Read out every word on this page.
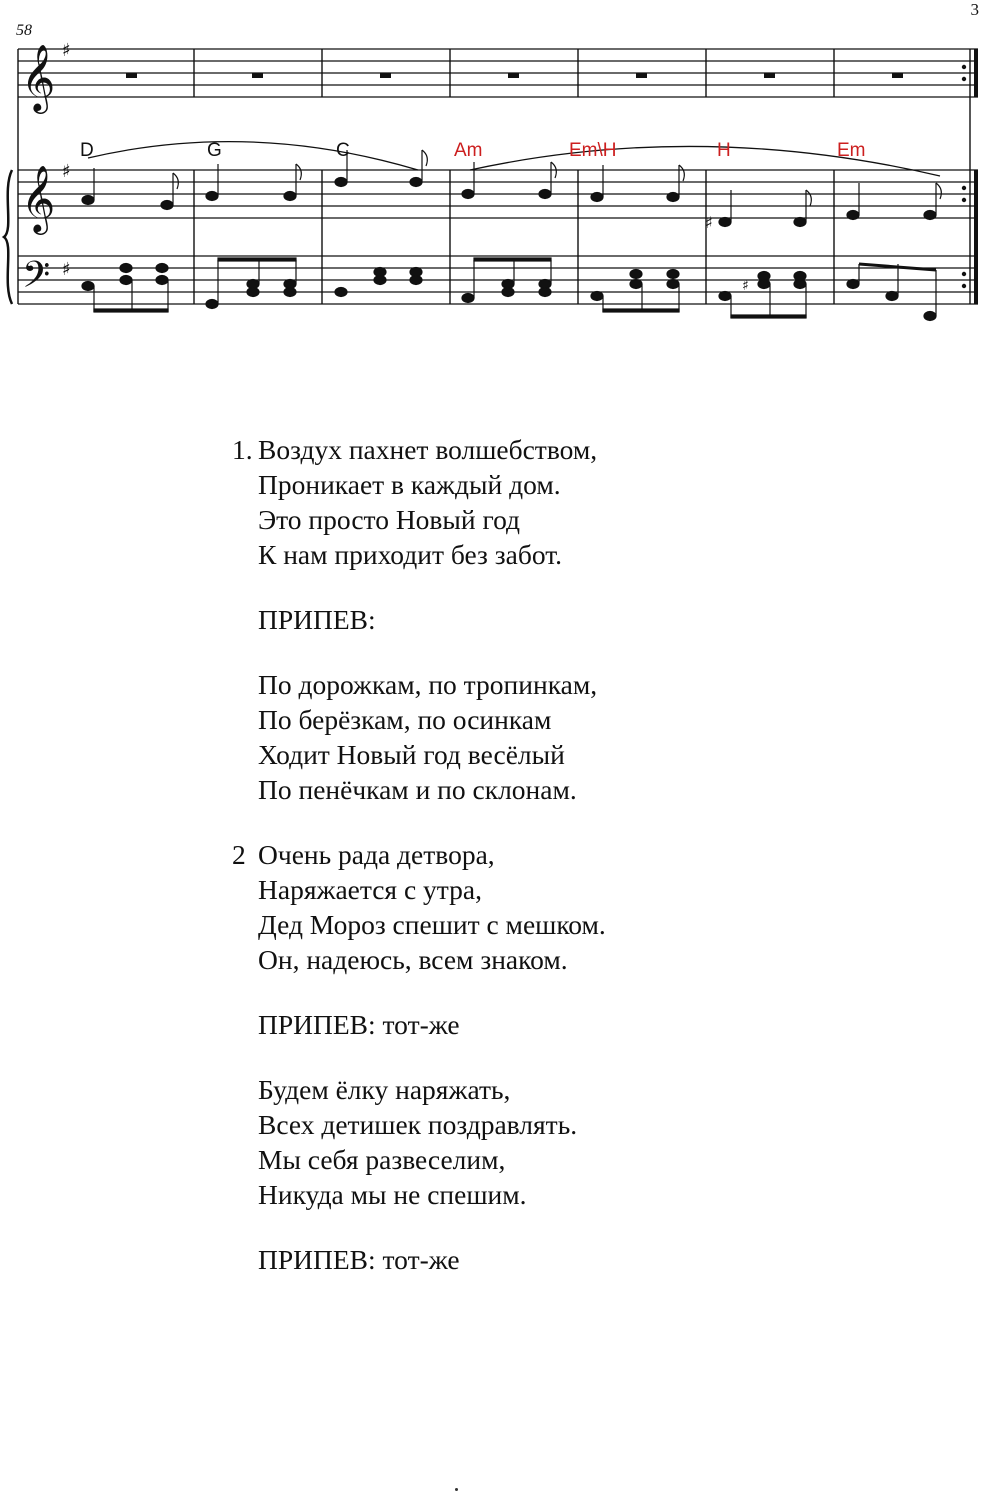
3
58
𝄞
𝄞
𝄢
♯
♯
♯
♯
♯
D	G	C	Am	Em\H	H	Em
1. Воздух пахнет волшебством,
Проникает в каждый дом.
Это просто Новый год
К нам приходит без забот.
ПРИПЕВ:
По дорожкам, по тропинкам,
По берёзкам, по осинкам
Ходит Новый год весёлый
По пенёчкам и по склонам.
2 Очень рада детвора,
Наряжается с утра,
Дед Мороз спешит с мешком.
Он, надеюсь, всем знаком.
ПРИПЕВ: тот-же
Будем ёлку наряжать,
Всех детишек поздравлять.
Мы себя развеселим,
Никуда мы не спешим.
ПРИПЕВ: тот-же
